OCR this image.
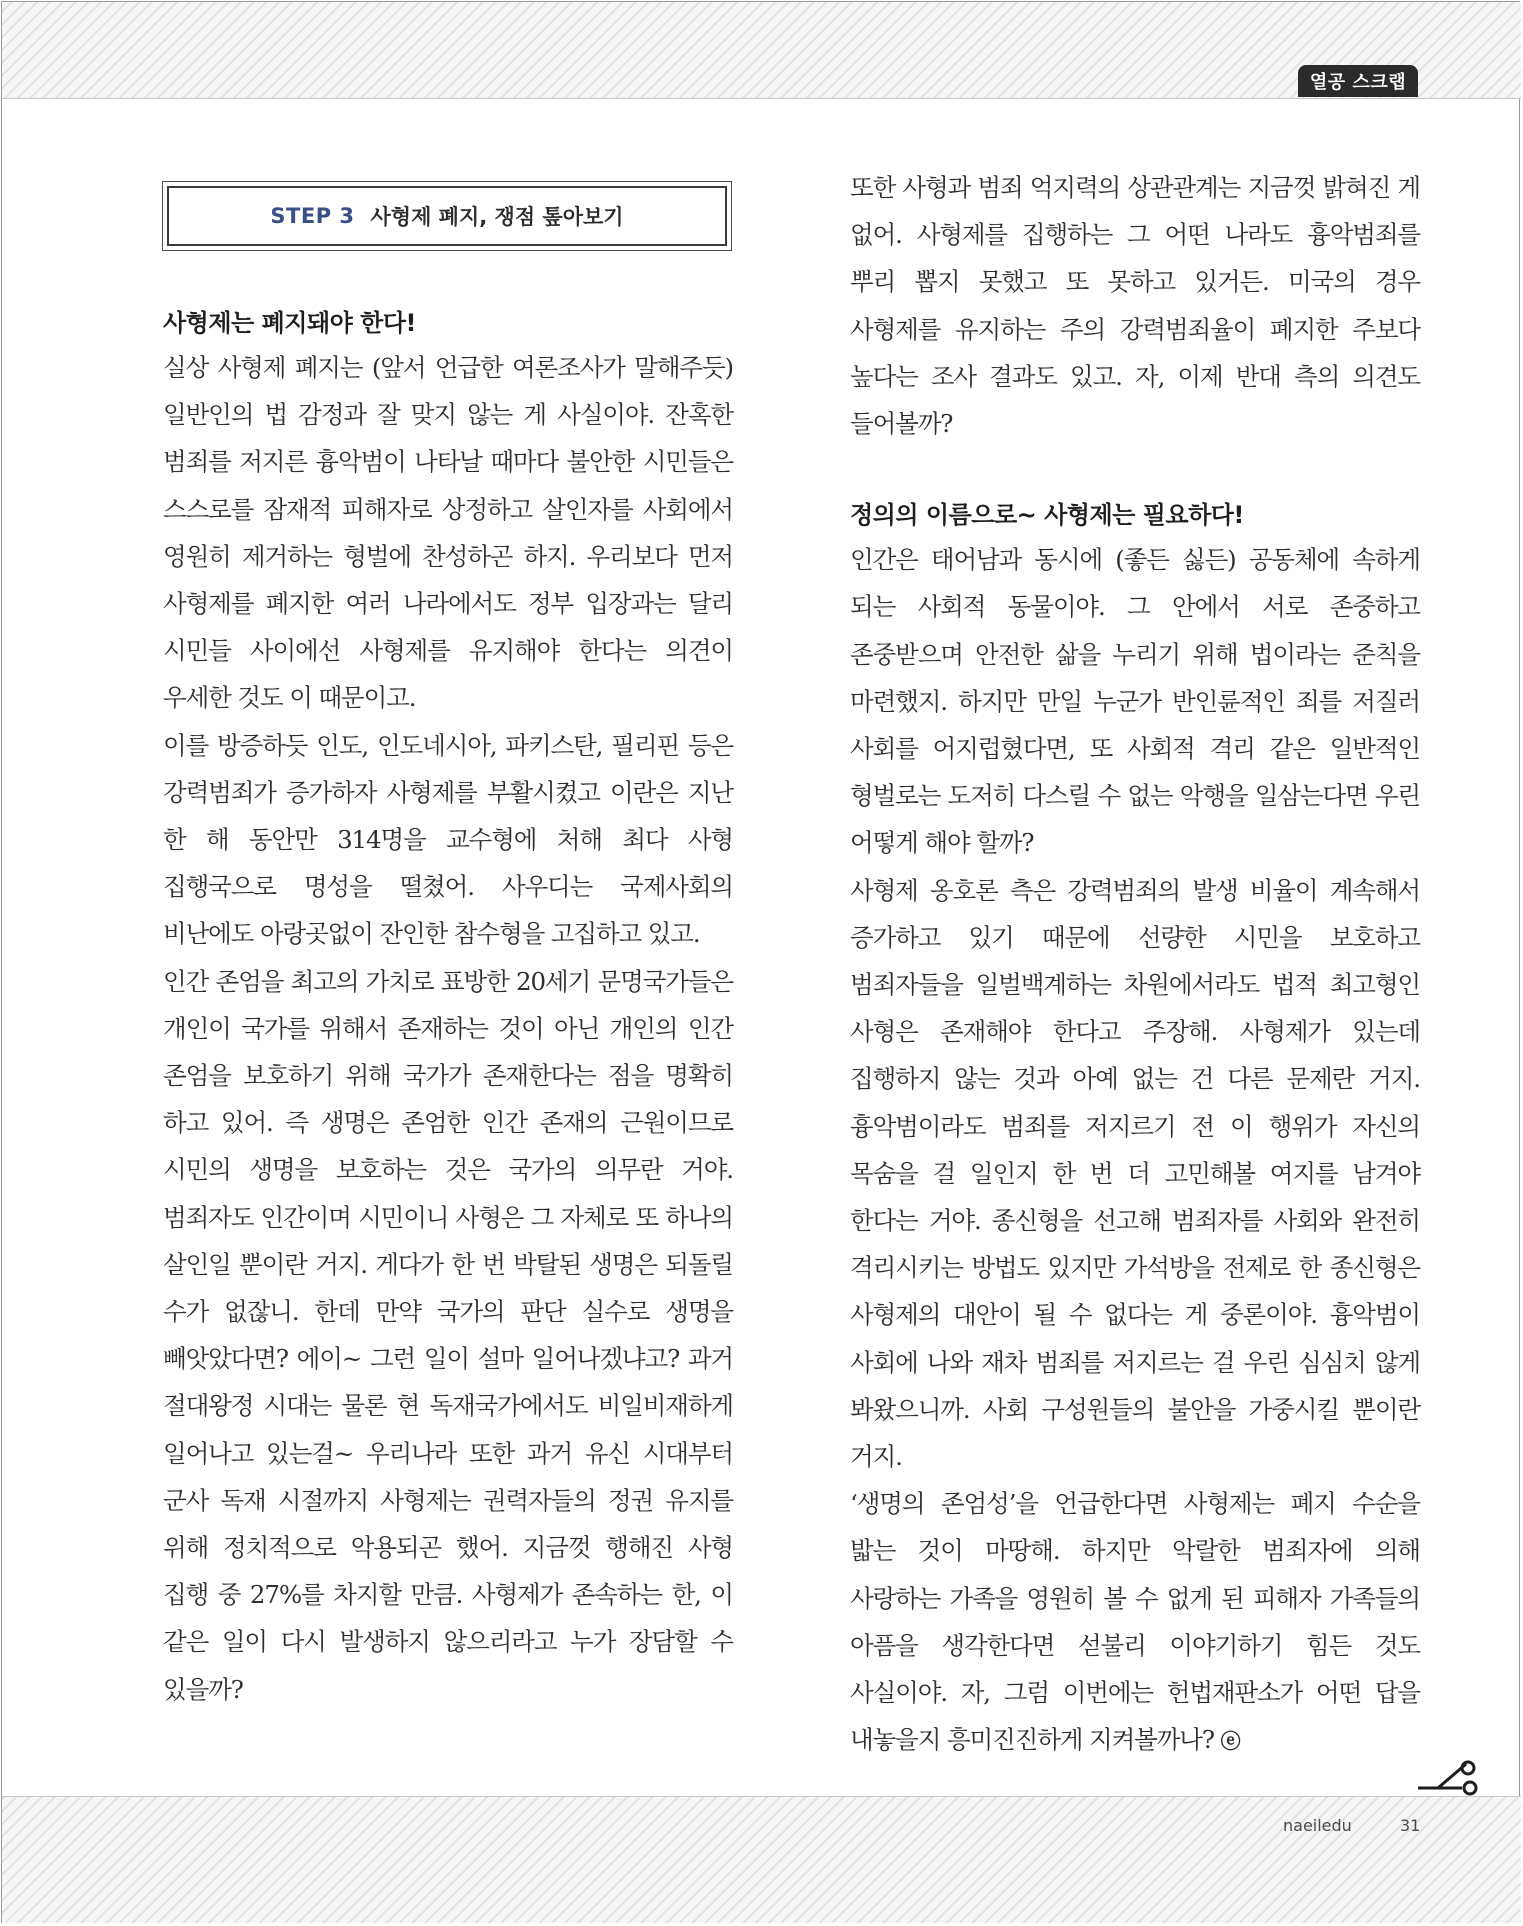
열공 스크랩
STEP 3 사형제 폐지, 쟁점 톺아보기
사형제는 폐지돼야 한다!

실상 사형제 폐지는 (앞서 언급한 여론조사가 말해주듯) 일반인의 법 감정과 잘 맞지 않는 게 사실이야. 잔혹한 범죄를 저지른 흉악범이 나타날 때마다 불안한 시민들은 스스로를 잠재적 피해자로 상정하고 살인자를 사회에서 영원히 제거하는 형벌에 찬성하곤 하지. 우리보다 먼저 사형제를 폐지한 여러 나라에서도 정부 입장과는 달리 시민들 사이에선 사형제를 유지해야 한다는 의견이 우세한 것도 이 때문이고.

이를 방증하듯 인도, 인도네시아, 파키스탄, 필리핀 등은 강력범죄가 증가하자 사형제를 부활시켰고 이란은 지난 한 해 동안만 314명을 교수형에 처해 최다 사형 집행국으로 명성을 떨쳤어. 사우디는 국제사회의 비난에도 아랑곳없이 잔인한 참수형을 고집하고 있고.

인간 존엄을 최고의 가치로 표방한 20세기 문명국가들은 개인이 국가를 위해서 존재하는 것이 아닌 개인의 인간 존엄을 보호하기 위해 국가가 존재한다는 점을 명확히 하고 있어. 즉 생명은 존엄한 인간 존재의 근원이므로 시민의 생명을 보호하는 것은 국가의 의무란 거야. 범죄자도 인간이며 시민이니 사형은 그 자체로 또 하나의 살인일 뿐이란 거지. 게다가 한 번 박탈된 생명은 되돌릴 수가 없잖니. 한데 만약 국가의 판단 실수로 생명을 빼앗았다면? 에이~ 그런 일이 설마 일어나겠냐고? 과거 절대왕정 시대는 물론 현 독재국가에서도 비일비재하게 일어나고 있는걸~ 우리나라 또한 과거 유신 시대부터 군사 독재 시절까지 사형제는 권력자들의 정권 유지를 위해 정치적으로 악용되곤 했어. 지금껏 행해진 사형 집행 중 27%를 차지할 만큼. 사형제가 존속하는 한, 이 같은 일이 다시 발생하지 않으리라고 누가 장담할 수 있을까?

또한 사형과 범죄 억지력의 상관관계는 지금껏 밝혀진 게 없어. 사형제를 집행하는 그 어떤 나라도 흉악범죄를 뿌리 뽑지 못했고 또 못하고 있거든. 미국의 경우 사형제를 유지하는 주의 강력범죄율이 폐지한 주보다 높다는 조사 결과도 있고. 자, 이제 반대 측의 의견도 들어볼까?

정의의 이름으로~ 사형제는 필요하다!

인간은 태어남과 동시에 (좋든 싫든) 공동체에 속하게 되는 사회적 동물이야. 그 안에서 서로 존중하고 존중받으며 안전한 삶을 누리기 위해 법이라는 준칙을 마련했지. 하지만 만일 누군가 반인륜적인 죄를 저질러 사회를 어지럽혔다면, 또 사회적 격리 같은 일반적인 형벌로는 도저히 다스릴 수 없는 악행을 일삼는다면 우린 어떻게 해야 할까?

사형제 옹호론 측은 강력범죄의 발생 비율이 계속해서 증가하고 있기 때문에 선량한 시민을 보호하고 범죄자들을 일벌백계하는 차원에서라도 법적 최고형인 사형은 존재해야 한다고 주장해. 사형제가 있는데 집행하지 않는 것과 아예 없는 건 다른 문제란 거지. 흉악범이라도 범죄를 저지르기 전 이 행위가 자신의 목숨을 걸 일인지 한 번 더 고민해볼 여지를 남겨야 한다는 거야. 종신형을 선고해 범죄자를 사회와 완전히 격리시키는 방법도 있지만 가석방을 전제로 한 종신형은 사형제의 대안이 될 수 없다는 게 중론이야. 흉악범이 사회에 나와 재차 범죄를 저지르는 걸 우린 심심치 않게 봐왔으니까. 사회 구성원들의 불안을 가중시킬 뿐이란 거지.

‘생명의 존엄성’을 언급한다면 사형제는 폐지 수순을 밟는 것이 마땅해. 하지만 악랄한 범죄자에 의해 사랑하는 가족을 영원히 볼 수 없게 된 피해자 가족들의 아픔을 생각한다면 섣불리 이야기하기 힘든 것도 사실이야. 자, 그럼 이번에는 헌법재판소가 어떤 답을 내놓을지 흥미진진하게 지켜볼까나? ⓔ

naeiledu	31
